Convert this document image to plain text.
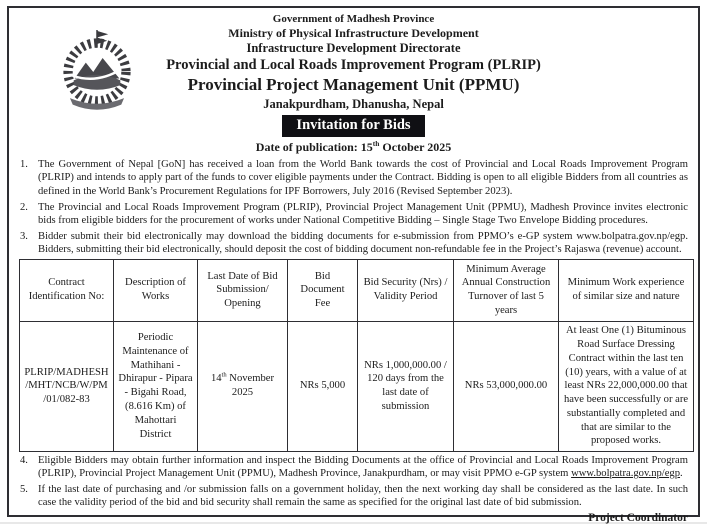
Government of Madhesh Province
Ministry of Physical Infrastructure Development
Infrastructure Development Directorate
Provincial and Local Roads Improvement Program (PLRIP)
Provincial Project Management Unit (PPMU)
Janakpurdham, Dhanusha, Nepal
Invitation for Bids
Date of publication: 15th October 2025
1. The Government of Nepal [GoN] has received a loan from the World Bank towards the cost of Provincial and Local Roads Improvement Program (PLRIP) and intends to apply part of the funds to cover eligible payments under the Contract. Bidding is open to all eligible Bidders from all countries as defined in the World Bank’s Procurement Regulations for IPF Borrowers, July 2016 (Revised September 2023).
2. The Provincial and Local Roads Improvement Program (PLRIP), Provincial Project Management Unit (PPMU), Madhesh Province invites electronic bids from eligible bidders for the procurement of works under National Competitive Bidding – Single Stage Two Envelope Bidding procedures.
3. Bidder submit their bid electronically may download the bidding documents for e-submission from PPMO’s e-GP system www.bolpatra.gov.np/egp. Bidders, submitting their bid electronically, should deposit the cost of bidding document non-refundable fee in the Project’s Rajaswa (revenue) account.
Contract Identification No:	Description of Works	Last Date of Bid Submission/ Opening	Bid Document Fee	Bid Security (Nrs) / Validity Period	Minimum Average Annual Construction Turnover of last 5 years	Minimum Work experience of similar size and nature
PLRIP/MADHESH/MHT/NCB/W/PM/01/082-83	Periodic Maintenance of Mathihani - Dhirapur - Pipara - Bigahi Road, (8.616 Km) of Mahottari District	14th November 2025	NRs 5,000	NRs 1,000,000.00 / 120 days from the last date of submission	NRs 53,000,000.00	At least One (1) Bituminous Road Surface Dressing Contract within the last ten (10) years, with a value of at least NRs 22,000,000.00 that have been successfully or are substantially completed and that are similar to the proposed works.
4. Eligible Bidders may obtain further information and inspect the Bidding Documents at the office of Provincial and Local Roads Improvement Program (PLRIP), Provincial Project Management Unit (PPMU), Madhesh Province, Janakpurdham, or may visit PPMO e-GP system www.bolpatra.gov.np/egp.
5. If the last date of purchasing and /or submission falls on a government holiday, then the next working day shall be considered as the last date. In such case the validity period of the bid and bid security shall remain the same as specified for the original last date of bid submission.
Project Coordinator
